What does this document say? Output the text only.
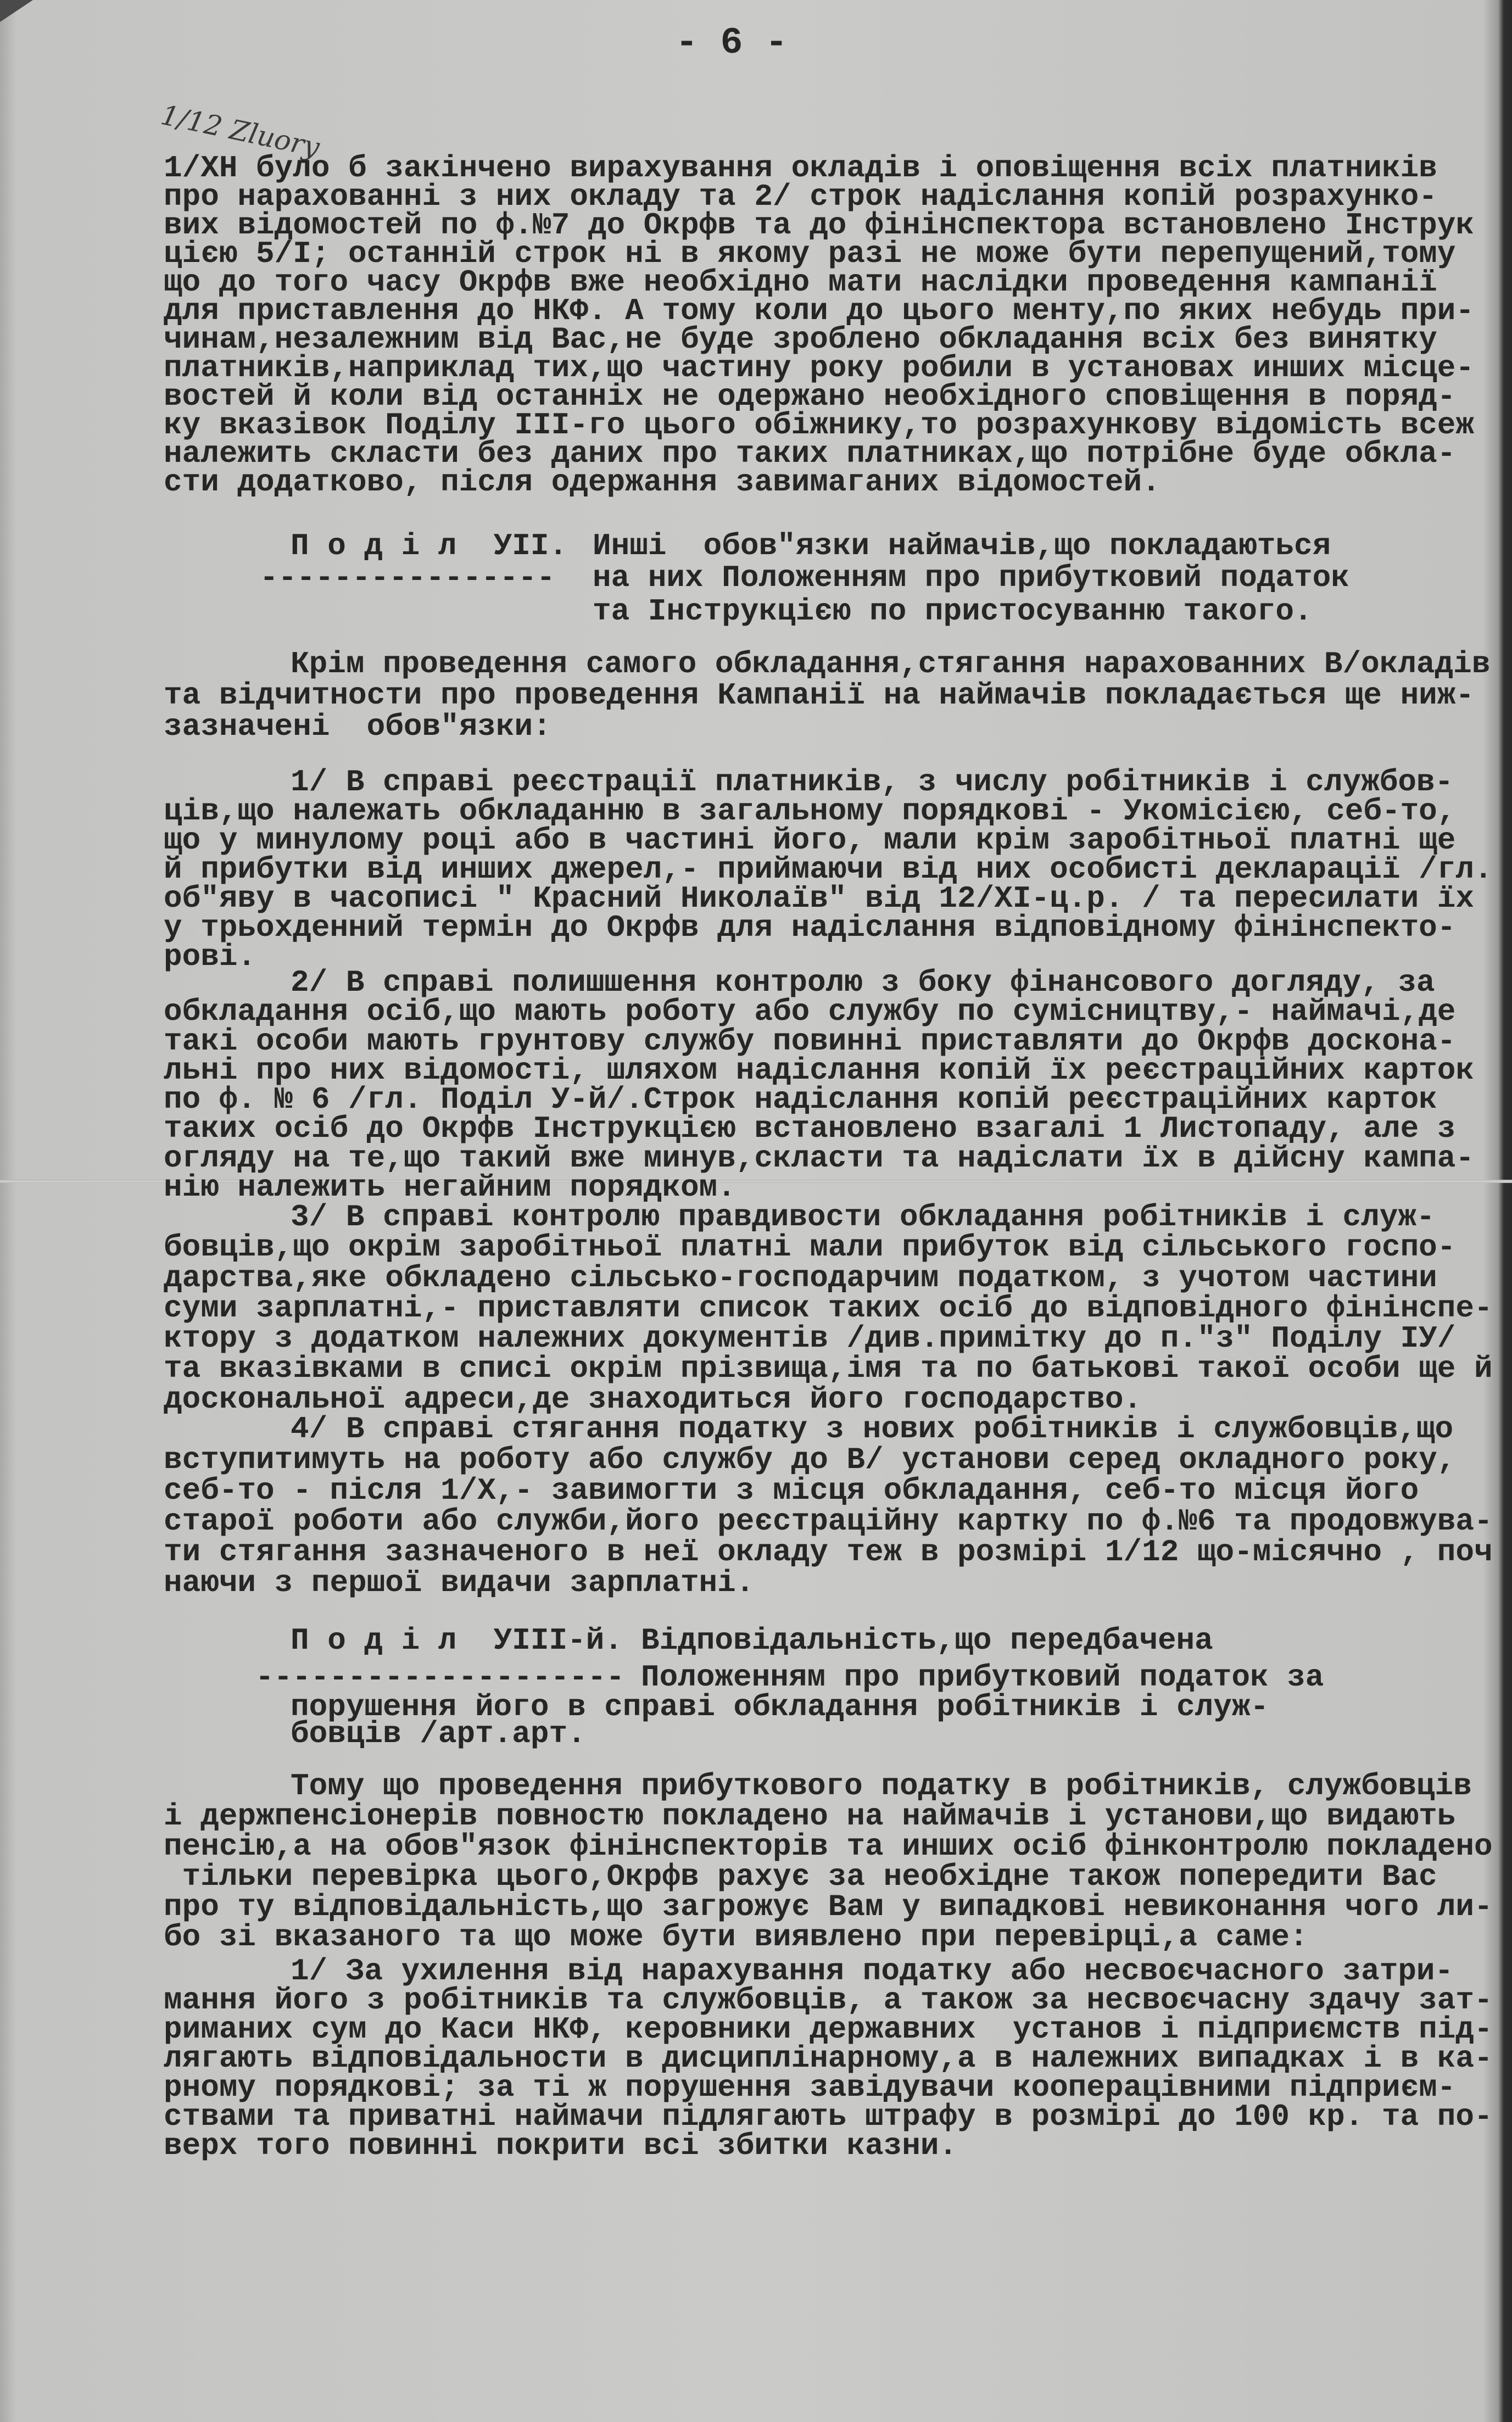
- 6 -
1/12 Zluory
1/ХН було б закінчено вирахування окладів і оповіщення всіх платників
про нарахованні з них окладу та 2/ строк надіслання копій розрахунко-
вих відомостей по ф.№7 до Окрфв та до фінінспектора встановлено Інструк
цією 5/І; останній строк ні в якому разі не може бути перепущений,тому
що до того часу Окрфв вже необхідно мати наслідки проведення кампанії
для приставлення до НКФ. А тому коли до цього менту,по яких небудь при-
чинам,незалежним від Вас,не буде зроблено обкладання всіх без винятку
платників,наприклад тих,що частину року робили в установах инших місце-
востей й коли від останніх не одержано необхідного сповіщення в поряд-
ку вказівок Поділу III-го цього обіжнику,то розрахункову відомість всеж
належить скласти без даних про таких платниках,що потрібне буде обкла-
сти додатково, після одержання завимаганих відомостей.

П о д і л  УІІ.

Инші  обов"язки наймачів,що покладаються

----------------

на них Положенням про прибутковий податок

та Інструкцією по пристосуванню такого.

Крім проведення самого обкладання,стягання нарахованних В/окладів
та відчитности про проведення Кампанії на наймачів покладається ще ниж-
зазначені  обов"язки:
1/ В справі реєстрації платників, з числу робітників і службов-
ців,що належать обкладанню в загальному порядкові - Укомісією, себ-то,
що у минулому році або в частині його, мали крім заробітньої платні ще
й прибутки від инших джерел,- приймаючи від них особисті декларації /гл.
об"яву в часописі " Красний Николаїв" від 12/XI-ц.р. / та пересилати їх
у трьохденний термін до Окрфв для надіслання відповідному фінінспекто-
рові.
2/ В справі полишшення контролю з боку фінансового догляду, за
обкладання осіб,що мають роботу або службу по сумісництву,- наймачі,де
такі особи мають грунтову службу повинні приставляти до Окрфв доскона-
льні про них відомості, шляхом надіслання копій їх реєстраційних карток
по ф. № 6 /гл. Поділ У-й/.Строк надіслання копій реєстраційних карток
таких осіб до Окрфв Інструкцією встановлено взагалі 1 Листопаду, але з
огляду на те,що такий вже минув,скласти та надіслати їх в дійсну кампа-
нію належить негайним порядком.
3/ В справі контролю правдивости обкладання робітників і служ-
бовців,що окрім заробітньої платні мали прибуток від сільського госпо-
дарства,яке обкладено сільсько-господарчим податком, з учотом частини
суми зарплатні,- приставляти список таких осіб до відповідного фінінспе-
ктору з додатком належних документів /див.примітку до п."з" Поділу ІУ/
та вказівками в списі окрім прізвища,імя та по батькові такої особи ще й
доскональної адреси,де знаходиться його господарство.
4/ В справі стягання податку з нових робітників і службовців,що
вступитимуть на роботу або службу до В/ установи серед окладного року,
себ-то - після 1/Х,- завимогти з місця обкладання, себ-то місця його
старої роботи або служби,його реєстраційну картку по ф.№6 та продовжува-
ти стягання зазначеного в неї окладу теж в розмірі 1/12 що-місячно , поч
наючи з першої видачи зарплатні.

П о д і л  УІІІ-й.

Відповідальність,що передбачена

--------------------

Положенням про прибутковий податок за

порушення його в справі обкладання робітників і служ-

бовців /арт.арт.

Тому що проведення прибуткового податку в робітників, службовців
і держпенсіонерів повностю покладено на наймачів і установи,що видають
пенсію,а на обов"язок фінінспекторів та инших осіб фінконтролю покладено
тільки перевірка цього,Окрфв рахує за необхідне також попередити Вас
про ту відповідальність,що загрожує Вам у випадкові невиконання чого ли-
бо зі вказаного та що може бути виявлено при перевірці,а саме:
1/ За ухилення від нарахування податку або несвоєчасного затри-
мання його з робітників та службовців, а також за несвоєчасну здачу зат-
риманих сум до Каси НКФ, керовники державних  установ і підприємств під-
лягають відповідальности в дисциплінарному,а в належних випадках і в ка-
рному порядкові; за ті ж порушення завідувачи кооперацівними підприєм-
ствами та приватні наймачи підлягають штрафу в розмірі до 100 кр. та по-
верх того повинні покрити всі збитки казни.
